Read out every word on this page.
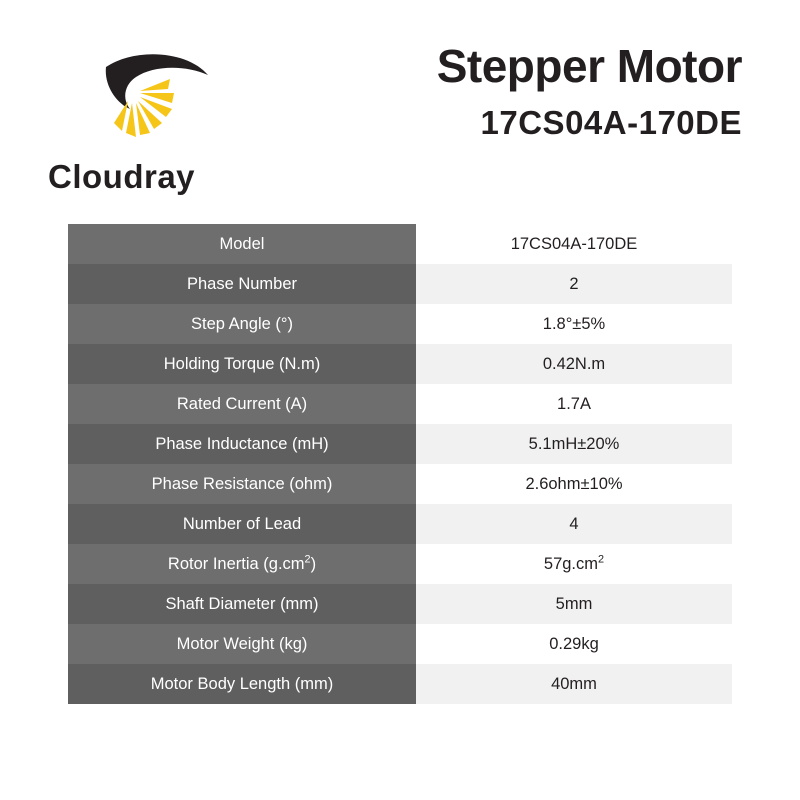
Cloudray
Stepper Motor
17CS04A-170DE
Model	17CS04A-170DE
Phase Number	2
Step Angle (°)	1.8°±5%
Holding Torque (N.m)	0.42N.m
Rated Current (A)	1.7A
Phase Inductance (mH)	5.1mH±20%
Phase Resistance (ohm)	2.6ohm±10%
Number of Lead	4
Rotor Inertia $(g.cm^2)$	$57g.cm^2$
Shaft Diameter (mm)	5mm
Motor Weight (kg)	0.29kg
Motor Body Length (mm)	40mm
